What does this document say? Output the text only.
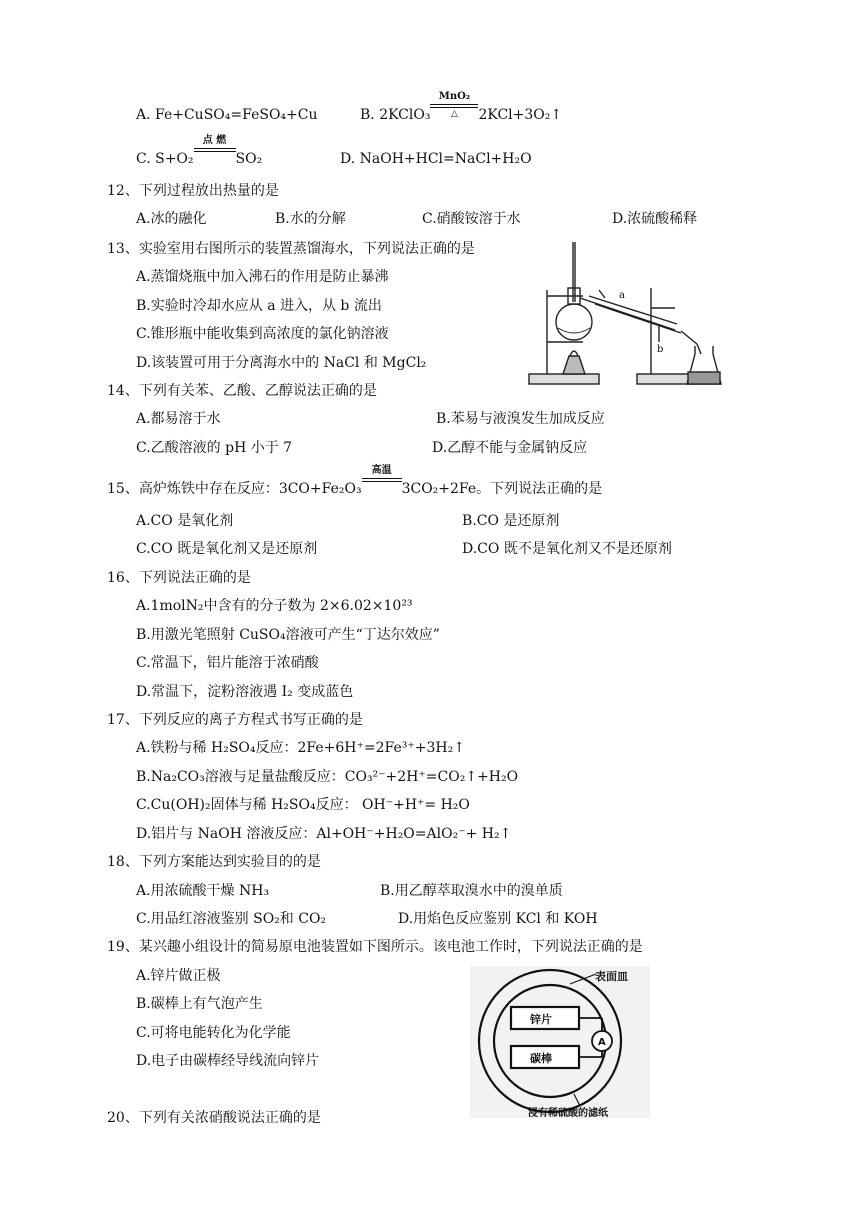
A. Fe+CuSO₄=FeSO₄+Cu	B. 2KClO₃
MnO₂
△	2KCl+3O₂↑
C. S+O₂
点 燃
SO₂	D. NaOH+HCl=NaCl+H₂O
12、下列过程放出热量的是
A.冰的融化	B.水的分解	C.硝酸铵溶于水	D.浓硫酸稀释
13、实验室用右图所示的装置蒸馏海水，下列说法正确的是
A.蒸馏烧瓶中加入沸石的作用是防止暴沸
B.实验时冷却水应从 a 进入，从 b 流出
C.锥形瓶中能收集到高浓度的氯化钠溶液
D.该装置可用于分离海水中的 NaCl 和 MgCl₂
a
b
14、下列有关苯、乙酸、乙醇说法正确的是
A.都易溶于水	B.苯易与液溴发生加成反应
C.乙酸溶液的 pH 小于 7	D.乙醇不能与金属钠反应
15、高炉炼铁中存在反应：3CO+Fe₂O₃
高温
3CO₂+2Fe。下列说法正确的是
A.CO 是氧化剂	B.CO 是还原剂
C.CO 既是氧化剂又是还原剂	D.CO 既不是氧化剂又不是还原剂
16、下列说法正确的是
A.1molN₂中含有的分子数为 2×6.02×10²³
B.用激光笔照射 CuSO₄溶液可产生“丁达尔效应”
C.常温下，铝片能溶于浓硝酸
D.常温下，淀粉溶液遇 I₂ 变成蓝色
17、下列反应的离子方程式书写正确的是
A.铁粉与稀 H₂SO₄反应：2Fe+6H⁺=2Fe³⁺+3H₂↑
B.Na₂CO₃溶液与足量盐酸反应：CO₃²⁻+2H⁺=CO₂↑+H₂O
C.Cu(OH)₂固体与稀 H₂SO₄反应： OH⁻+H⁺= H₂O
D.铝片与 NaOH 溶液反应：Al+OH⁻+H₂O=AlO₂⁻+ H₂↑
18、下列方案能达到实验目的的是
A.用浓硫酸干燥 NH₃	B.用乙醇萃取溴水中的溴单质
C.用品红溶液鉴别 SO₂和 CO₂	D.用焰色反应鉴别 KCl 和 KOH
19、某兴趣小组设计的简易原电池装置如下图所示。该电池工作时，下列说法正确的是
A.锌片做正极
B.碳棒上有气泡产生
C.可将电能转化为化学能
D.电子由碳棒经导线流向锌片
表面皿
锌片
碳棒
A
浸有稀硫酸的滤纸
20、下列有关浓硝酸说法正确的是
